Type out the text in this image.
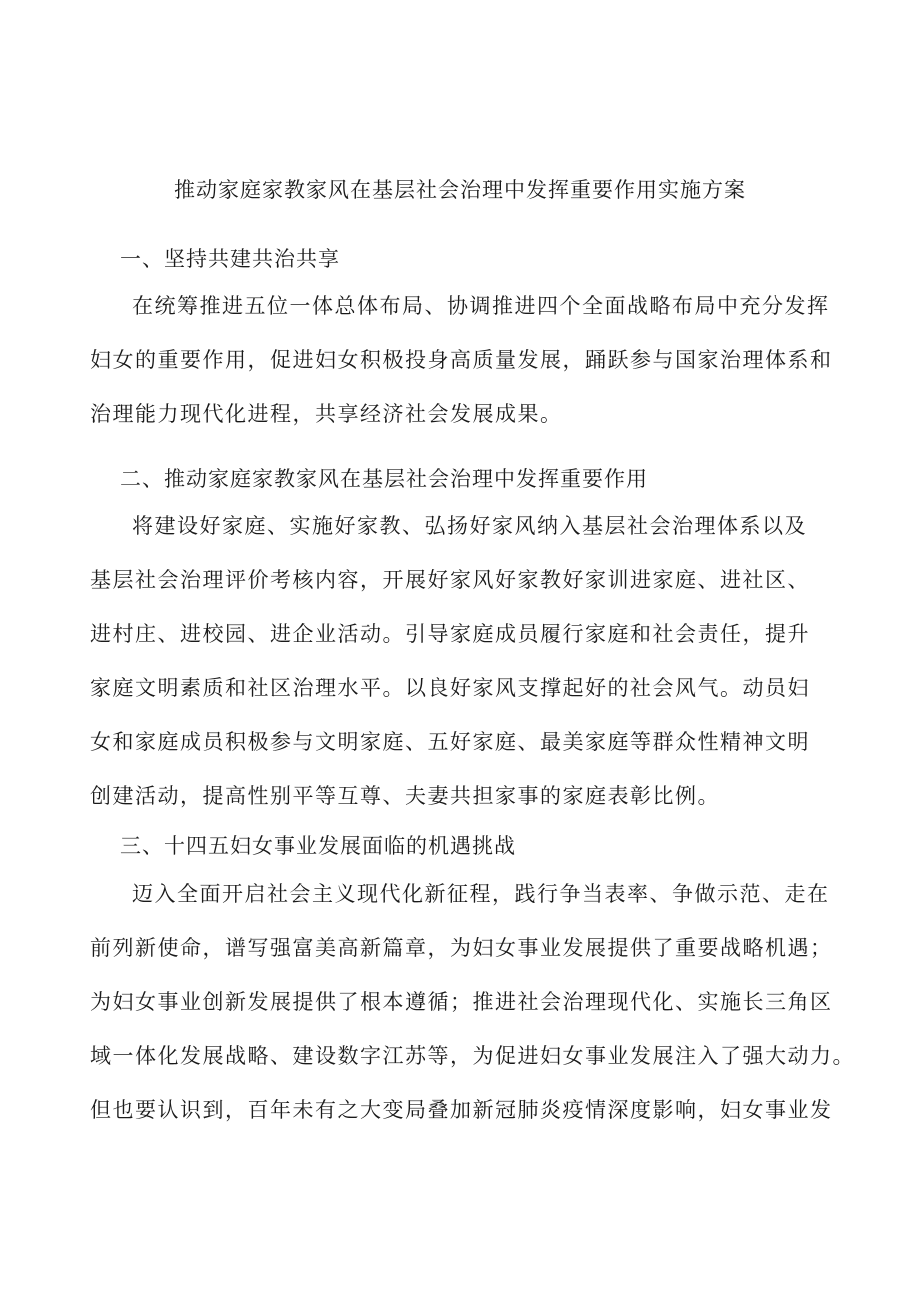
推动家庭家教家风在基层社会治理中发挥重要作用实施方案
一、坚持共建共治共享
在统筹推进五位一体总体布局、协调推进四个全面战略布局中充分发挥
妇女的重要作用，促进妇女积极投身高质量发展，踊跃参与国家治理体系和
治理能力现代化进程，共享经济社会发展成果。
二、推动家庭家教家风在基层社会治理中发挥重要作用
将建设好家庭、实施好家教、弘扬好家风纳入基层社会治理体系以及
基层社会治理评价考核内容，开展好家风好家教好家训进家庭、进社区、
进村庄、进校园、进企业活动。引导家庭成员履行家庭和社会责任，提升
家庭文明素质和社区治理水平。以良好家风支撑起好的社会风气。动员妇
女和家庭成员积极参与文明家庭、五好家庭、最美家庭等群众性精神文明
创建活动，提高性别平等互尊、夫妻共担家事的家庭表彰比例。
三、十四五妇女事业发展面临的机遇挑战
迈入全面开启社会主义现代化新征程，践行争当表率、争做示范、走在
前列新使命，谱写强富美高新篇章，为妇女事业发展提供了重要战略机遇；
为妇女事业创新发展提供了根本遵循；推进社会治理现代化、实施长三角区
域一体化发展战略、建设数字江苏等，为促进妇女事业发展注入了强大动力。
但也要认识到，百年未有之大变局叠加新冠肺炎疫情深度影响，妇女事业发
